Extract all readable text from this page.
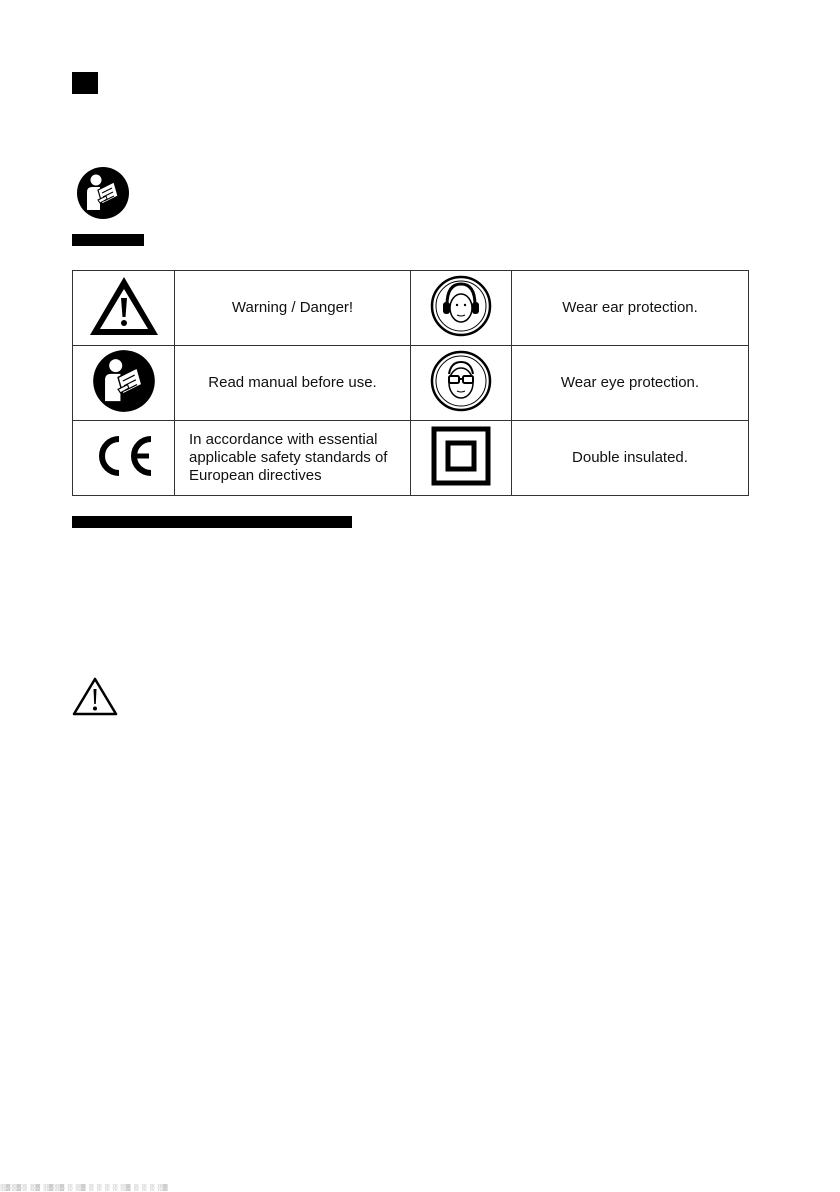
	Warning / Danger!		Wear ear protection.
	Read manual before use.		Wear eye protection.
	In accordance with essential applicable safety standards of European directives		Double insulated.
░▒░▒░ ░▒ ░▒░▒ ░ ░▒ ░ ░ ░ ░ ░▒ ░ ░ ░ ░▒
